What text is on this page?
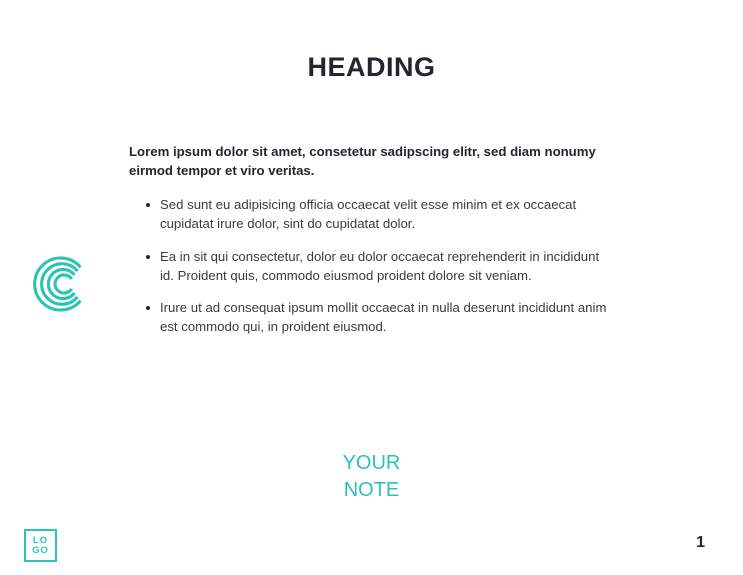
HEADING

Lorem ipsum dolor sit amet, consetetur sadipscing elitr, sed diam nonumy eirmod tempor et viro veritas.

Sed sunt eu adipisicing officia occaecat velit esse minim et ex occaecat cupidatat irure dolor, sint do cupidatat dolor.
Ea in sit qui consectetur, dolor eu dolor occaecat reprehenderit in incididunt id. Proident quis, commodo eiusmod proident dolore sit veniam.
Irure ut ad consequat ipsum mollit occaecat in nulla deserunt incididunt anim est commodo qui, in proident eiusmod.
YOUR
NOTE
LO
GO	1
